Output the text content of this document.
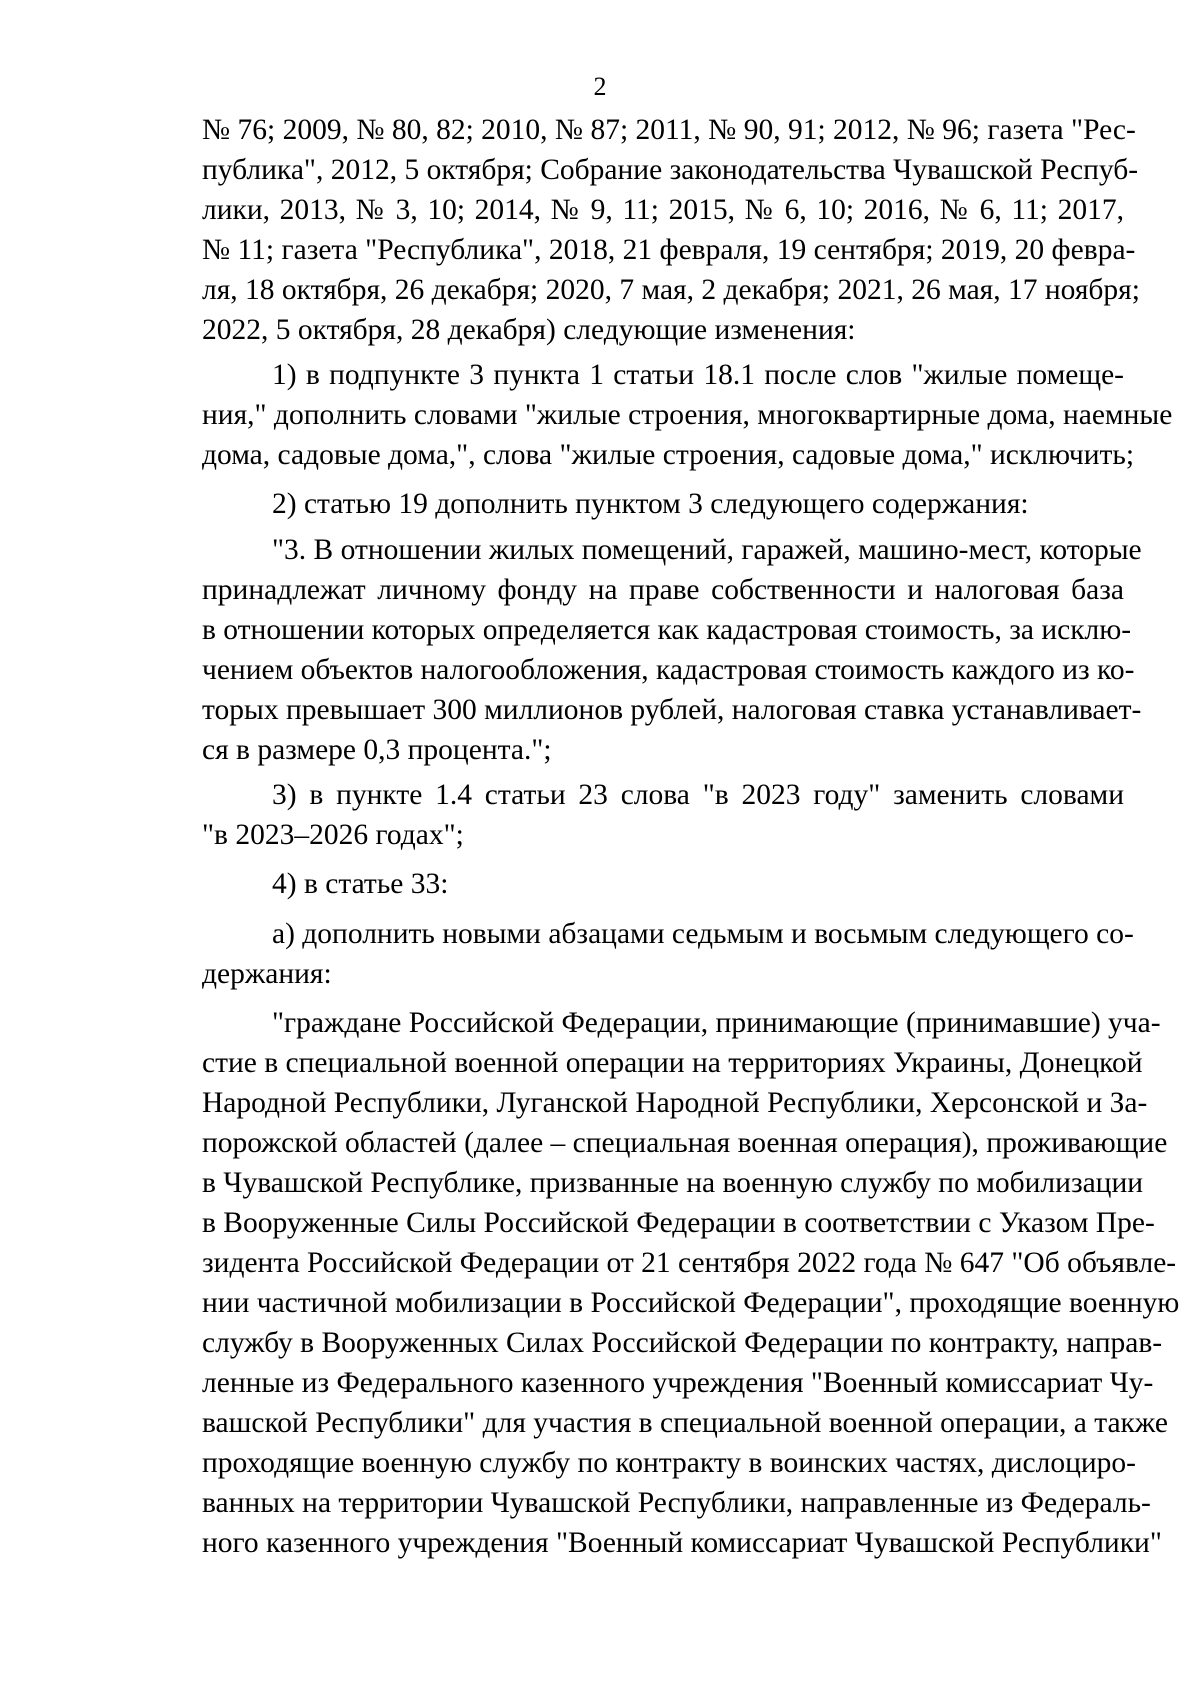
2
№ 76; 2009, № 80, 82; 2010, № 87; 2011, № 90, 91; 2012, № 96; газета "Рес-
публика", 2012, 5 октября; Собрание законодательства Чувашской Респуб-
лики, 2013, № 3, 10; 2014, № 9, 11; 2015, № 6, 10; 2016, № 6, 11; 2017,
№ 11; газета "Республика", 2018, 21 февраля, 19 сентября; 2019, 20 февра-
ля, 18 октября, 26 декабря; 2020, 7 мая, 2 декабря; 2021, 26 мая, 17 ноября;
2022, 5 октября, 28 декабря) следующие изменения:
1) в подпункте 3 пункта 1 статьи 18.1 после слов "жилые помеще-
ния," дополнить словами "жилые строения, многоквартирные дома, наемные
дома, садовые дома,", слова "жилые строения, садовые дома," исключить;
2) статью 19 дополнить пунктом 3 следующего содержания:
"3. В отношении жилых помещений, гаражей, машино-мест, которые
принадлежат личному фонду на праве собственности и налоговая база
в отношении которых определяется как кадастровая стоимость, за исклю-
чением объектов налогообложения, кадастровая стоимость каждого из ко-
торых превышает 300 миллионов рублей, налоговая ставка устанавливает-
ся в размере 0,3 процента.";
3) в пункте 1.4 статьи 23 слова "в 2023 году" заменить словами
"в 2023–2026 годах";
4) в статье 33:
а) дополнить новыми абзацами седьмым и восьмым следующего со-
держания:
"граждане Российской Федерации, принимающие (принимавшие) уча-
стие в специальной военной операции на территориях Украины, Донецкой
Народной Республики, Луганской Народной Республики, Херсонской и За-
порожской областей (далее – специальная военная операция), проживающие
в Чувашской Республике, призванные на военную службу по мобилизации
в Вооруженные Силы Российской Федерации в соответствии с Указом Пре-
зидента Российской Федерации от 21 сентября 2022 года № 647 "Об объявле-
нии частичной мобилизации в Российской Федерации", проходящие военную
службу в Вооруженных Силах Российской Федерации по контракту, направ-
ленные из Федерального казенного учреждения "Военный комиссариат Чу-
вашской Республики" для участия в специальной военной операции, а также
проходящие военную службу по контракту в воинских частях, дислоциро-
ванных на территории Чувашской Республики, направленные из Федераль-
ного казенного учреждения "Военный комиссариат Чувашской Республики"
